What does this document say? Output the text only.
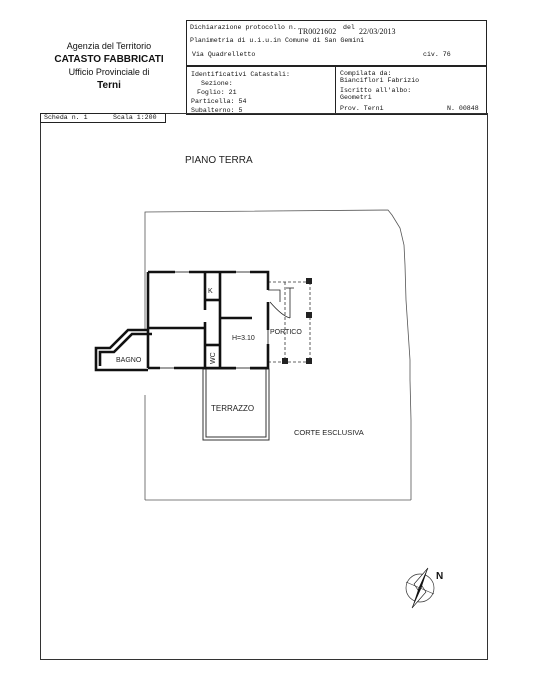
Agenzia del Territorio
CATASTO FABBRICATI
Ufficio Provinciale di
Terni
Dichiarazione protocollo n. TR0021602 del 22/03/2013
Planimetria di u.i.u.in Comune di San Gemini
Via Quadrelletto	civ. 76
Identificativi Catastali:
Sezione:
Foglio: 21
Particella: 54
Subalterno: 5
Compilata da:
Bianciflori Fabrizio
Iscritto all'albo:
Geometri
Prov. Terni	N. 00848
Scheda n. 1	Scala 1:200
PIANO TERRA
K
H=3.10
PORTICO
BAGNO	WC
TERRAZZO
CORTE ESCLUSIVA
N
